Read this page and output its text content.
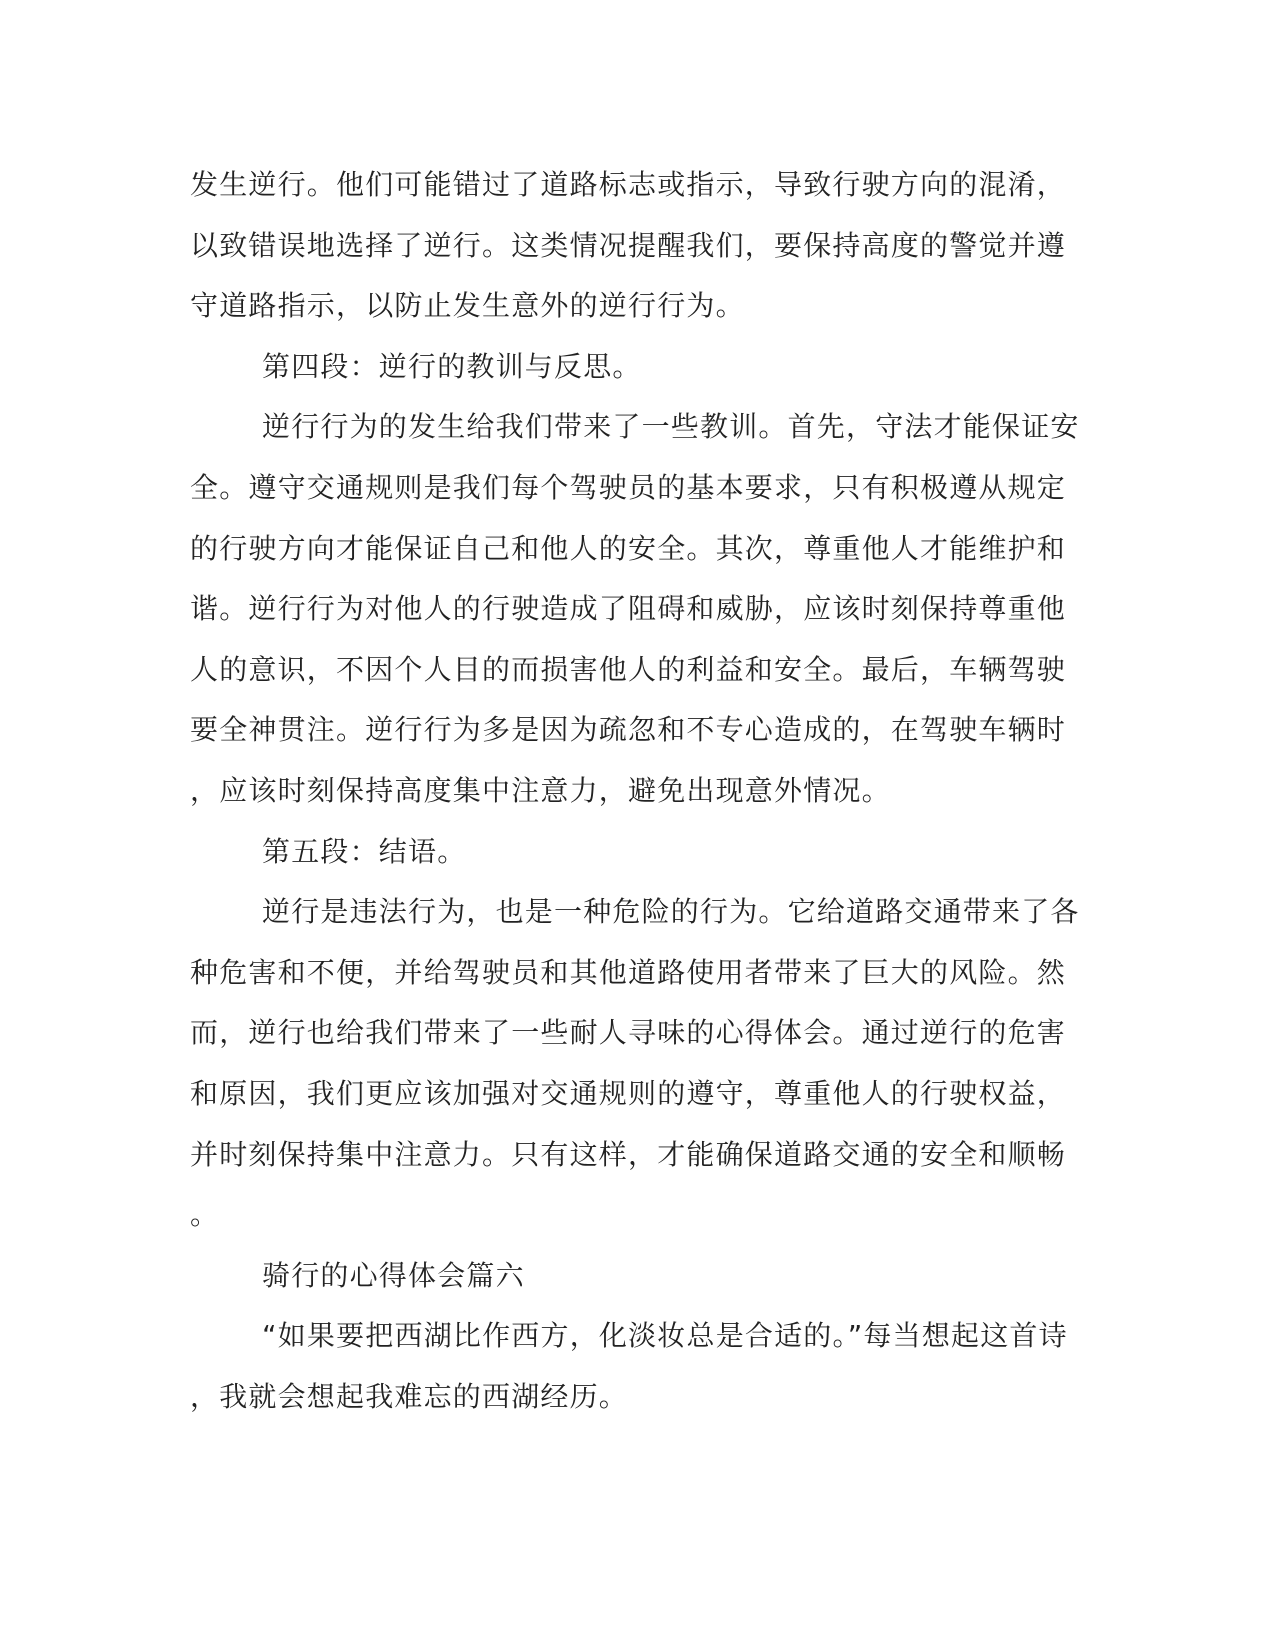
发生逆行。他们可能错过了道路标志或指示，导致行驶方向的混淆，
以致错误地选择了逆行。这类情况提醒我们，要保持高度的警觉并遵
守道路指示，以防止发生意外的逆行行为。
第四段：逆行的教训与反思。
逆行行为的发生给我们带来了一些教训。首先，守法才能保证安
全。遵守交通规则是我们每个驾驶员的基本要求，只有积极遵从规定
的行驶方向才能保证自己和他人的安全。其次，尊重他人才能维护和
谐。逆行行为对他人的行驶造成了阻碍和威胁，应该时刻保持尊重他
人的意识，不因个人目的而损害他人的利益和安全。最后，车辆驾驶
要全神贯注。逆行行为多是因为疏忽和不专心造成的，在驾驶车辆时
，应该时刻保持高度集中注意力，避免出现意外情况。
第五段：结语。
逆行是违法行为，也是一种危险的行为。它给道路交通带来了各
种危害和不便，并给驾驶员和其他道路使用者带来了巨大的风险。然
而，逆行也给我们带来了一些耐人寻味的心得体会。通过逆行的危害
和原因，我们更应该加强对交通规则的遵守，尊重他人的行驶权益，
并时刻保持集中注意力。只有这样，才能确保道路交通的安全和顺畅
。
骑行的心得体会篇六
“如果要把西湖比作西方，化淡妆总是合适的。”每当想起这首诗
，我就会想起我难忘的西湖经历。
